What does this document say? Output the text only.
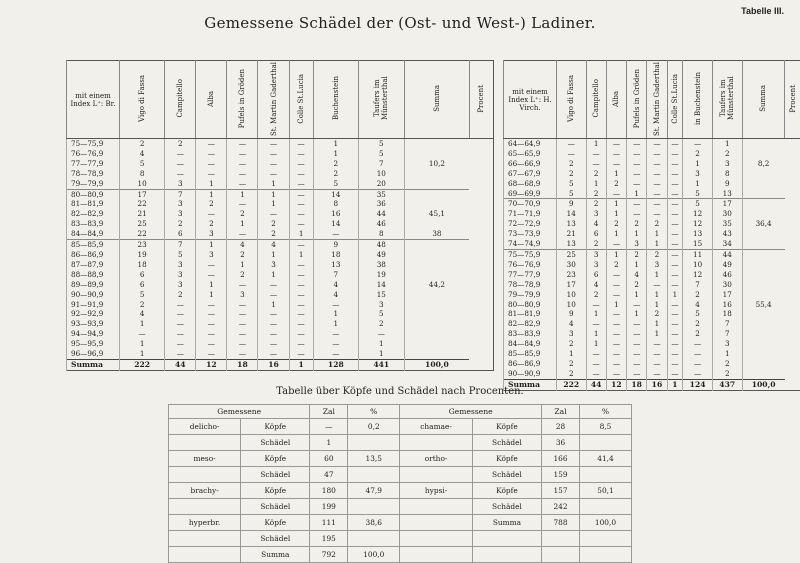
Tabelle III.
Gemessene Schädel der (Ost- und West-) Ladiner.
mit einem Index L⁺: Br.	Vigo di Fassa	Campitello	Alba	Pufels in Gröden	St. Martin Gaderthal	Colle St.Lucia	Buchenstein	Taufers im Münsterthal	Summa	Procent
75—75,9	2	2	—	—	—	—	1	5		
76—76,9	4	—	—	—	—	—	1	5		
77—77,9	5	—	—	—	—	—	2	7	10,2	
78—78,9	8	—	—	—	—	—	2	10		
79—79,9	10	3	1	—	1	—	5	20		
80—80,9	17	7	1	1	1	—	14	35		
81—81,9	22	3	2	—	1	—	8	36		
82—82,9	21	3	—	2	—	—	16	44	45,1	
83—83,9	25	2	2	1	2	—	14	46		
84—84,9	22	6	3	—	2	1	—	8	38	
85—85,9	23	7	1	4	4	—	9	48		
86—86,9	19	5	3	2	1	1	18	49		
87—87,9	18	3	—	1	3	—	13	38		
88—88,9	6	3	—	2	1	—	7	19		
89—89,9	6	3	1	—	—	—	4	14	44,2	
90—90,9	5	2	1	3	—	—	4	15		
91—91,9	2	—	—	—	1	—	—	3		
92—92,9	4	—	—	—	—	—	1	5		
93—93,9	1	—	—	—	—	—	1	2		
94—94,9	—	—	—	—	—	—	—	—		
95—95,9	1	—	—	—	—	—	—	1		
96—96,9	1	—	—	—	—	—	—	1		
Summa	222	44	12	18	16	1	128	441	100,0	
mit einem Index L⁺: H. Virch.	Vigo di Fassa	Campitello	Alba	Pufels in Gröden	St. Martin Gaderthal	Colle St.Lucia	in Buchenstein	Taufers im Münsterthal	Summa	Procent
64—64,9	—	1	—	—	—	—	—	1		
65—65,9	—	—	—	—	—	—	2	2		
66—66,9	2	—	—	—	—	—	1	3	8,2	
67—67,9	2	2	1	—	—	—	3	8		
68—68,9	5	1	2	—	—	—	1	9		
69—69,9	5	2	—	1	—	—	5	13		
70—70,9	9	2	1	—	—	—	5	17		
71—71,9	14	3	1	—	—	—	12	30		
72—72,9	13	4	2	2	2	—	12	35	36,4	
73—73,9	21	6	1	1	1	—	13	43		
74—74,9	13	2	—	3	1	—	15	34		
75—75,9	25	3	1	2	2	—	11	44		
76—76,9	30	3	2	1	3	—	10	49		
77—77,9	23	6	—	4	1	—	12	46		
78—78,9	17	4	—	2	—	—	7	30		
79—79,9	10	2	—	1	1	1	2	17		
80—80,9	10	—	1	—	1	—	4	16	55,4	
81—81,9	9	1	—	1	2	—	5	18		
82—82,9	4	—	—	—	1	—	2	7		
83—83,9	3	1	—	—	1	—	2	7		
84—84,9	2	1	—	—	—	—	—	3		
85—85,9	1	—	—	—	—	—	—	1		
86—86,9	2	—	—	—	—	—	—	2		
90—90,9	2	—	—	—	—	—	—	2		
Summa	222	44	12	18	16	1	124	437	100,0	
Tabelle über Köpfe und Schädel nach Procenten.
Gemessene		Zal	%	Gemessene		Zal	%
delicho-	Köpfe	—	0,2	chamae-	Köpfe	28	8,5
	Schädel	1			Schädel	36	
meso-	Köpfe	60	13,5	ortho-	Köpfe	166	41,4
	Schädel	47			Schädel	159	
brachy-	Köpfe	180	47,9	hypsi-	Köpfe	157	50,1
	Schädel	199			Schädel	242	
hyperbr.	Köpfe	111	38,6		Summa	788	100,0
	Schädel	195					
	Summa	792	100,0				
